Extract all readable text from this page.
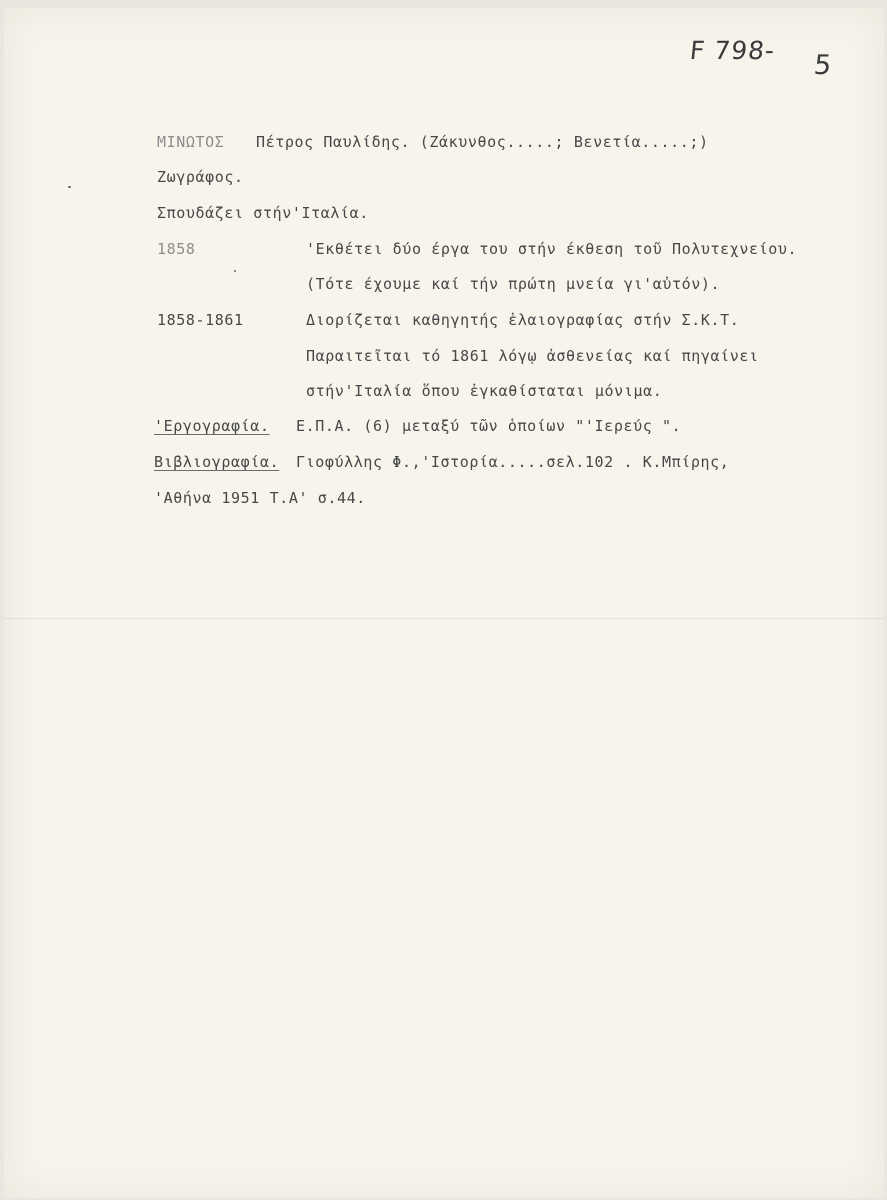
F 798- 5
ΜΙΝΩΤΟΣ Πέτρος Παυλίδης. (Ζάκυνθος.....; Βενετία.....;)
Ζωγράφος.
Σπουδάζει στήν'Ιταλία.
1858	'Εκθέτει δύο έργα του στήν έκθεση τοῦ Πολυτεχνείου.
(Τότε έχουμε καί τήν πρώτη μνεία γι'αὐτόν).
1858-1861	Διορίζεται καθηγητής ἐλαιογραφίας στήν Σ.Κ.Τ.
Παραιτεῖται τό 1861 λόγῳ ἀσθενείας καί πηγαίνει
στήν'Ιταλία ὅπου ἐγκαθίσταται μόνιμα.
'Εργογραφία. Ε.Π.Α. (6) μεταξύ τῶν ὁποίων "'Ιερεύς ".
Βιβλιογραφία. Γιοφύλλης Φ.,'Ιστορία.....σελ.102 . Κ.Μπίρης,
'Αθήνα 1951 Τ.Α' σ.44.
